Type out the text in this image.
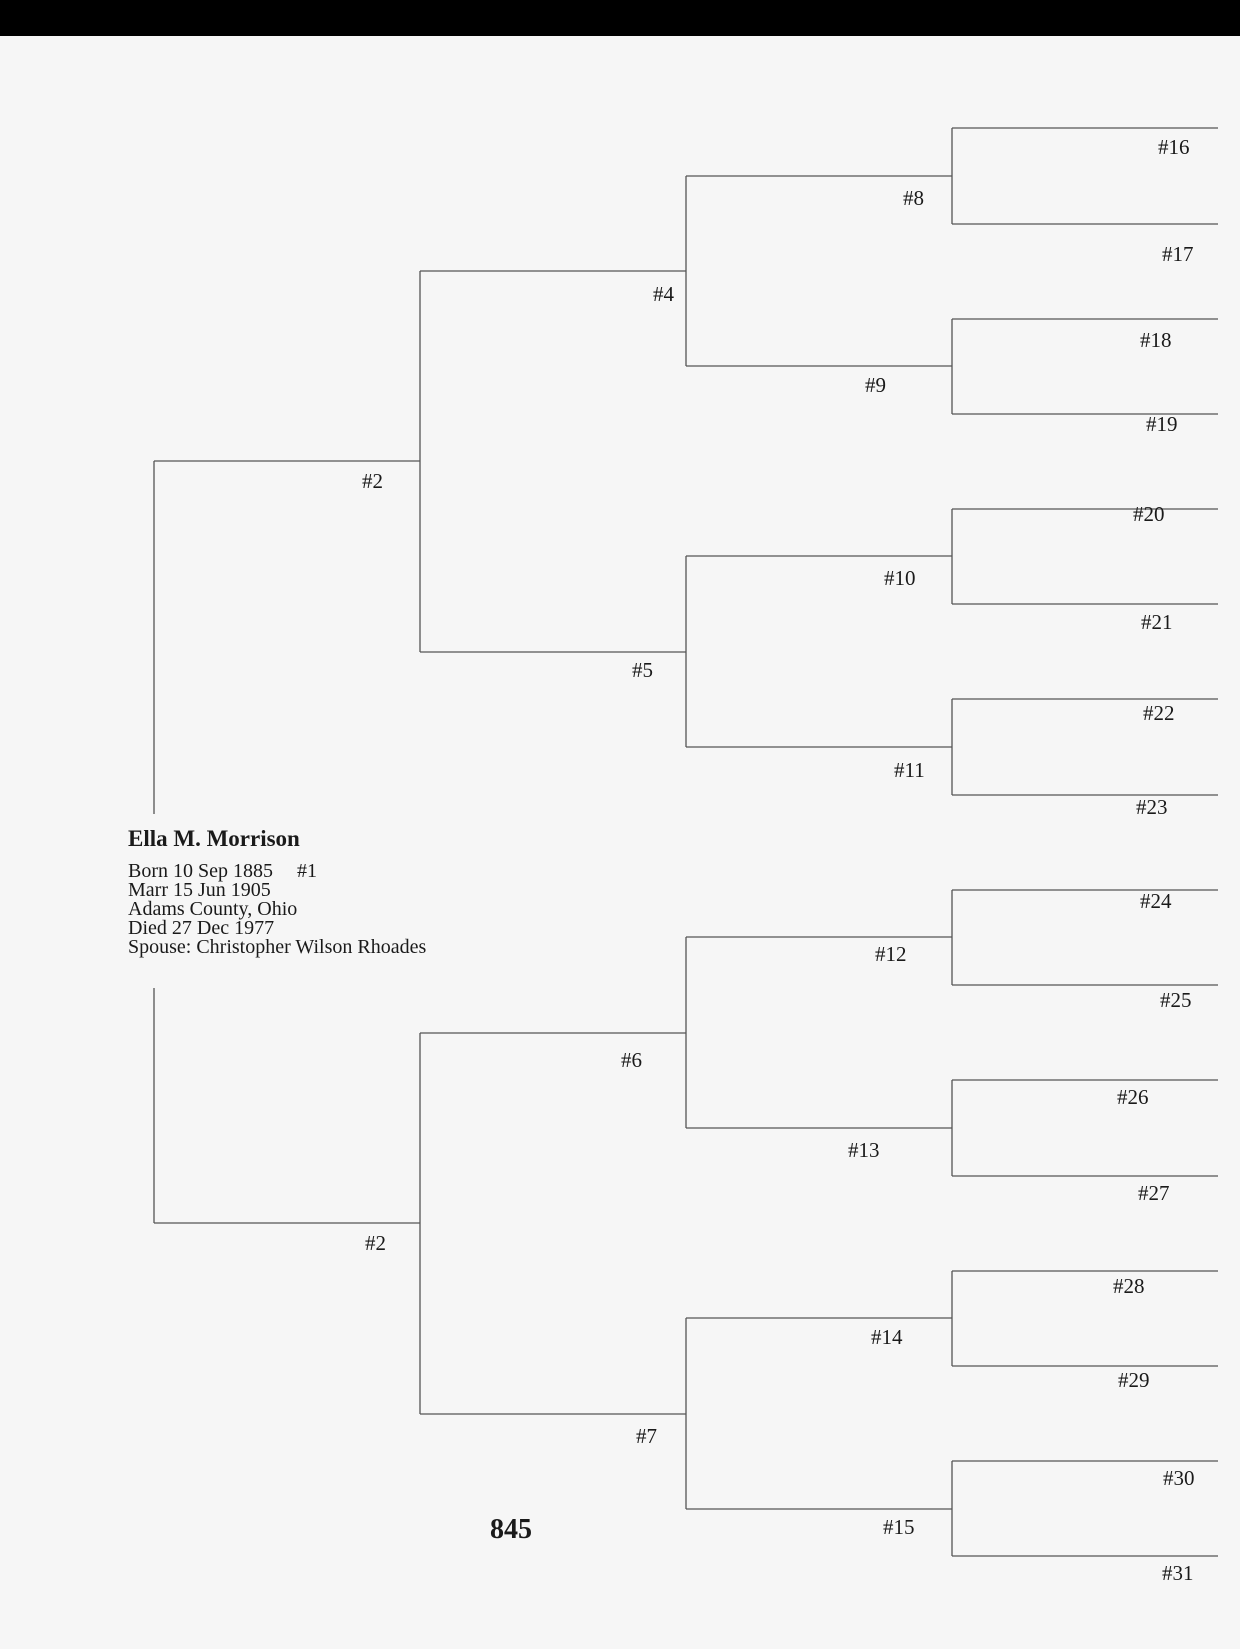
#2
#2
#4
#5
#6
#7
#8
#9
#10
#11
#12
#13
#14
#15
#16
#17
#18
#19
#20
#21
#22
#23
#24
#25
#26
#27
#28
#29
#30
#31
Ella M. Morrison
Born 10 Sep 1885 #1
Marr 15 Jun 1905
Adams County, Ohio
Died 27 Dec 1977
Spouse: Christopher Wilson Rhoades
845
